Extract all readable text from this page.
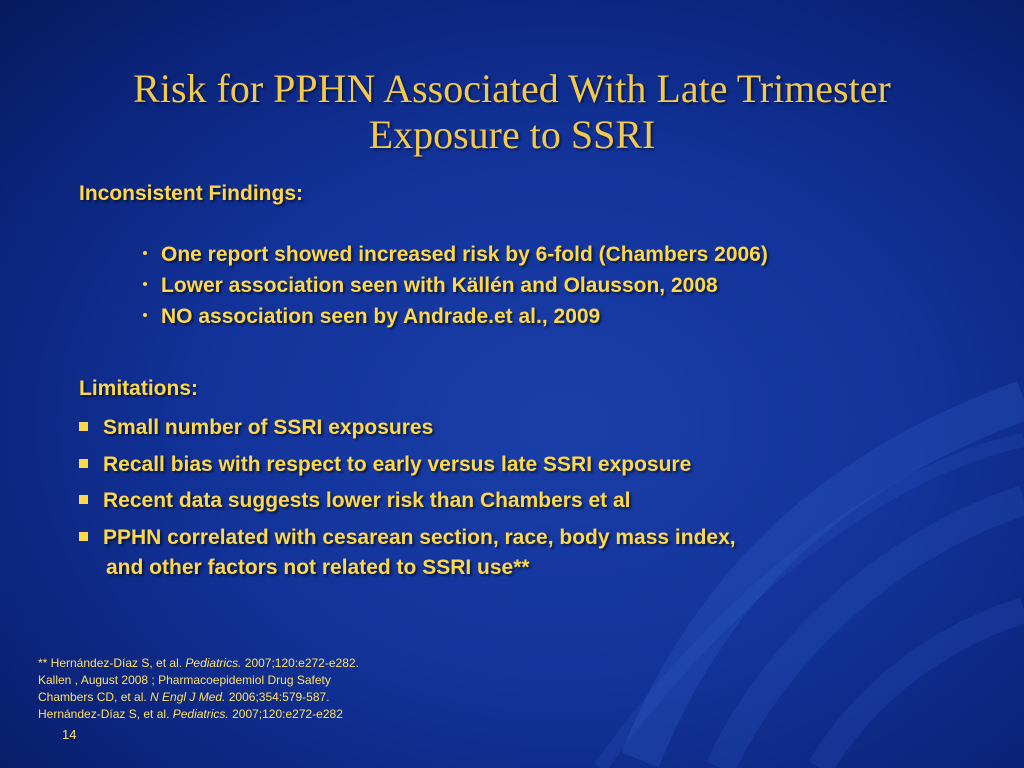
Risk for PPHN Associated With Late Trimester
Exposure to SSRI
Inconsistent Findings:
One report showed increased risk by 6-fold (Chambers 2006)
Lower association seen with Källén and Olausson, 2008
NO association seen by Andrade.et al., 2009
Limitations:
Small number of SSRI exposures
Recall bias with respect to early versus late SSRI exposure
Recent data suggests lower risk than Chambers et al
PPHN correlated with cesarean section, race, body mass index,
and other factors not related to SSRI use**
** Hernández-Díaz S, et al. Pediatrics. 2007;120:e272-e282.
Kallen , August 2008 ; Pharmacoepidemiol Drug Safety
Chambers CD, et al. N Engl J Med. 2006;354:579-587.
Hernández-Díaz S, et al. Pediatrics. 2007;120:e272-e282
14
